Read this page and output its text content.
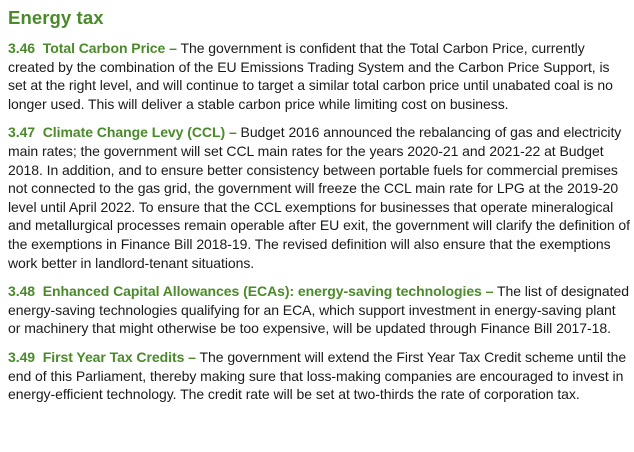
Energy tax

3.46 Total Carbon Price – The government is confident that the Total Carbon Price, currently created by the combination of the EU Emissions Trading System and the Carbon Price Support, is set at the right level, and will continue to target a similar total carbon price until unabated coal is no longer used. This will deliver a stable carbon price while limiting cost on business.

3.47 Climate Change Levy (CCL) – Budget 2016 announced the rebalancing of gas and electricity main rates; the government will set CCL main rates for the years 2020-21 and 2021-22 at Budget 2018. In addition, and to ensure better consistency between portable fuels for commercial premises not connected to the gas grid, the government will freeze the CCL main rate for LPG at the 2019-20 level until April 2022. To ensure that the CCL exemptions for businesses that operate mineralogical and metallurgical processes remain operable after EU exit, the government will clarify the definition of the exemptions in Finance Bill 2018-19. The revised definition will also ensure that the exemptions work better in landlord-tenant situations.

3.48 Enhanced Capital Allowances (ECAs): energy-saving technologies – The list of designated energy-saving technologies qualifying for an ECA, which support investment in energy-saving plant or machinery that might otherwise be too expensive, will be updated through Finance Bill 2017-18.

3.49 First Year Tax Credits – The government will extend the First Year Tax Credit scheme until the end of this Parliament, thereby making sure that loss-making companies are encouraged to invest in energy-efficient technology. The credit rate will be set at two-thirds the rate of corporation tax.
